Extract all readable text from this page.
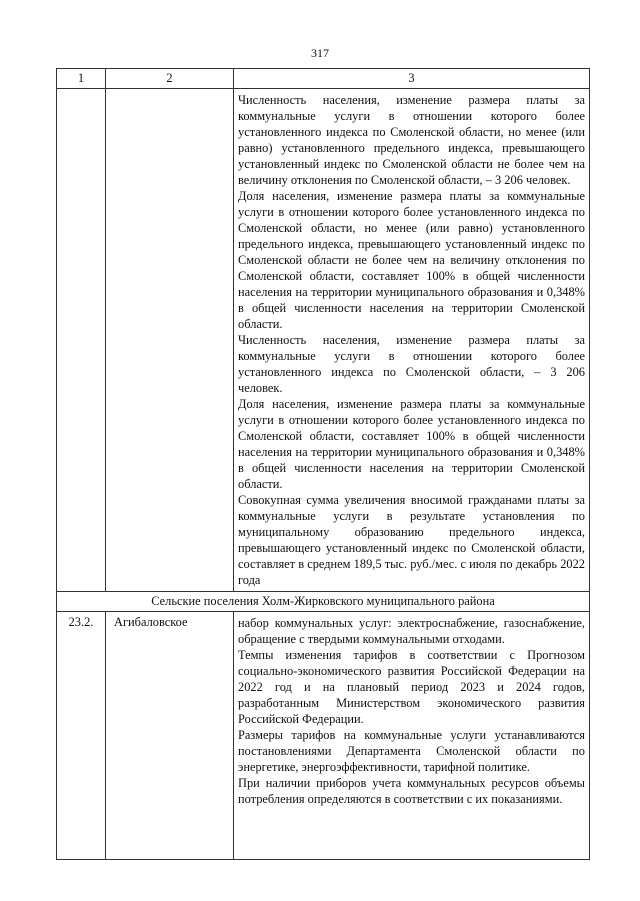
317
1	2	3

		Численность населения, изменение размера платы за коммунальные услуги в отношении которого более установленного индекса по Смоленской области, но менее (или равно) установленного предельного индекса, превышающего установленный индекс по Смоленской области не более чем на величину отклонения по Смоленской области, – 3 206 человек.
Доля населения, изменение размера платы за коммунальные услуги в отношении которого более установленного индекса по Смоленской области, но менее (или равно) установленного предельного индекса, превышающего установленный индекс по Смоленской области не более чем на величину отклонения по Смоленской области, составляет 100% в общей численности населения на территории муниципального образования и 0,348% в общей численности населения на территории Смоленской области.
Численность населения, изменение размера платы за коммунальные услуги в отношении которого более установленного индекса по Смоленской области, – 3 206 человек.
Доля населения, изменение размера платы за коммунальные услуги в отношении которого более установленного индекса по Смоленской области, составляет 100% в общей численности населения на территории муниципального образования и 0,348% в общей численности населения на территории Смоленской области.
Совокупная сумма увеличения вносимой гражданами платы за коммунальные услуги в результате установления по муниципальному образованию предельного индекса, превышающего установленный индекс по Смоленской области, составляет в среднем 189,5 тыс. руб./мес. с июля по декабрь 2022 года

Сельские поселения Холм-Жирковского муниципального района		
23.2.	Агибаловское	набор коммунальных услуг: электроснабжение, газоснабжение, обращение с твердыми коммунальными отходами.
Темпы изменения тарифов в соответствии с Прогнозом социально-экономического развития Российской Федерации на 2022 год и на плановый период 2023 и 2024 годов, разработанным Министерством экономического развития Российской Федерации.
Размеры тарифов на коммунальные услуги устанавливаются постановлениями Департамента Смоленской области по энергетике, энергоэффективности, тарифной политике.
При наличии приборов учета коммунальных ресурсов объемы потребления определяются в соответствии с их показаниями.
